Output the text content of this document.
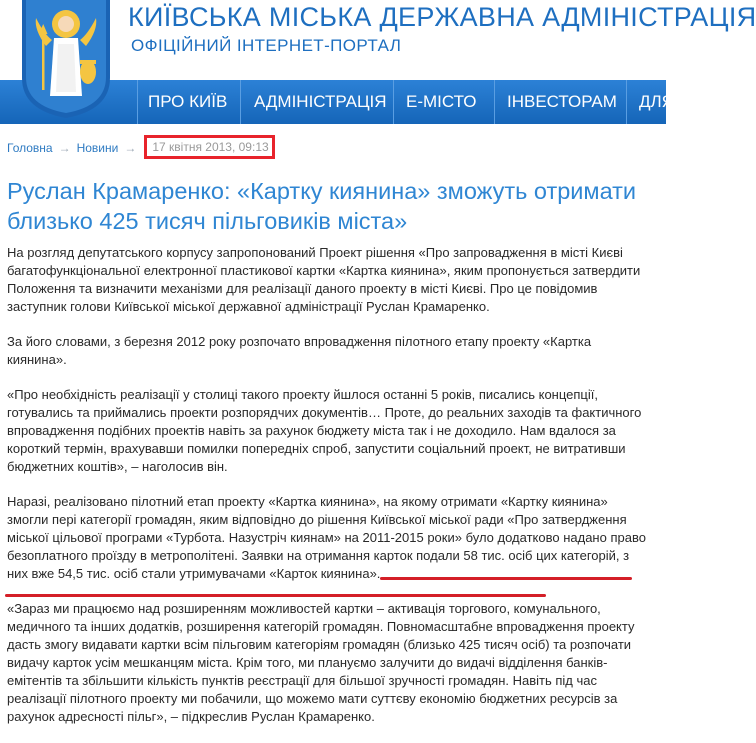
КИЇВСЬКА МІСЬКА ДЕРЖАВНА АДМІНІСТРАЦІЯ
ОФІЦІЙНИЙ ІНТЕРНЕТ-ПОРТАЛ
ПРО КИЇВ	АДМІНІСТРАЦІЯ	Е-МІСТО	ІНВЕСТОРАМ	ДЛЯ
Головна → Новини → 17 квітня 2013, 09:13
Руслан Крамаренко: «Картку киянина» зможуть отримати близько 425 тисяч пільговиків міста»

На розгляд депутатського корпусу запропонований Проект рішення «Про запровадження в місті Києві багатофункціональної електронної пластикової картки «Картка киянина», яким пропонується затвердити Положення та визначити механізми для реалізації даного проекту в місті Києві. Про це повідомив заступник голови Київської міської державної адміністрації Руслан Крамаренко.

За його словами, з березня 2012 року розпочато впровадження пілотного етапу проекту «Картка киянина».

«Про необхідність реалізації у столиці такого проекту йшлося останні 5 років, писались концепції, готувались та приймались проекти розпорядчих документів… Проте, до реальних заходів та фактичного впровадження подібних проектів навіть за рахунок бюджету міста так і не доходило. Нам вдалося за короткий термін, врахувавши помилки попередніх спроб, запустити соціальний проект, не витративши бюджетних коштів», – наголосив він.

Наразі, реалізовано пілотний етап проекту «Картка киянина», на якому отримати «Картку киянина» змогли пері категорії громадян, яким відповідно до рішення Київської міської ради «Про затвердження міської цільової програми «Турбота. Назустріч киянам» на 2011-2015 роки» було додатково надано право безоплатного проїзду в метрополітені. Заявки на отримання карток подали 58 тис. осіб цих категорій, з них вже 54,5 тис. осіб стали утримувачами «Карток киянина».

«Зараз ми працюємо над розширенням можливостей картки – активація торгового, комунального, медичного та інших додатків, розширення категорій громадян. Повномасштабне впровадження проекту дасть змогу видавати картки всім пільговим категоріям громадян (близько 425 тисяч осіб) та розпочати видачу карток усім мешканцям міста. Крім того, ми плануємо залучити до видачі відділення банків-емітентів та збільшити кількість пунктів реєстрації для більшої зручності громадян. Навіть під час реалізації пілотного проекту ми побачили, що можемо мати суттєву економію бюджетних ресурсів за рахунок адресності пільг», – підкреслив Руслан Крамаренко.
